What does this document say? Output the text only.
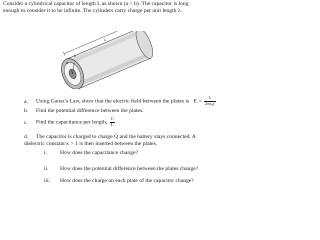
Consider a cylindrical capacitor of length L as shown (a < b). The capacitor is long enough to consider it to be infinite. The cylinders carry charge per unit length λ.
a
b
L
a. Using Gauss’s Law, show that the electric field between the plates is $E = \frac{\lambda}{\text{2πε₀r}}$
b. Find the potential difference between the plates.
c. Find the capacitance per length, $\frac{C}{L}$
d. The capacitor is charged to charge Q and the battery stays connected. A dielectric constant κ > 1 is then inserted between the plates.
i. How does the capacitance change?
ii. How does the potential difference between the plates change?
iii. How does the charge on each plate of the capacitor change?
